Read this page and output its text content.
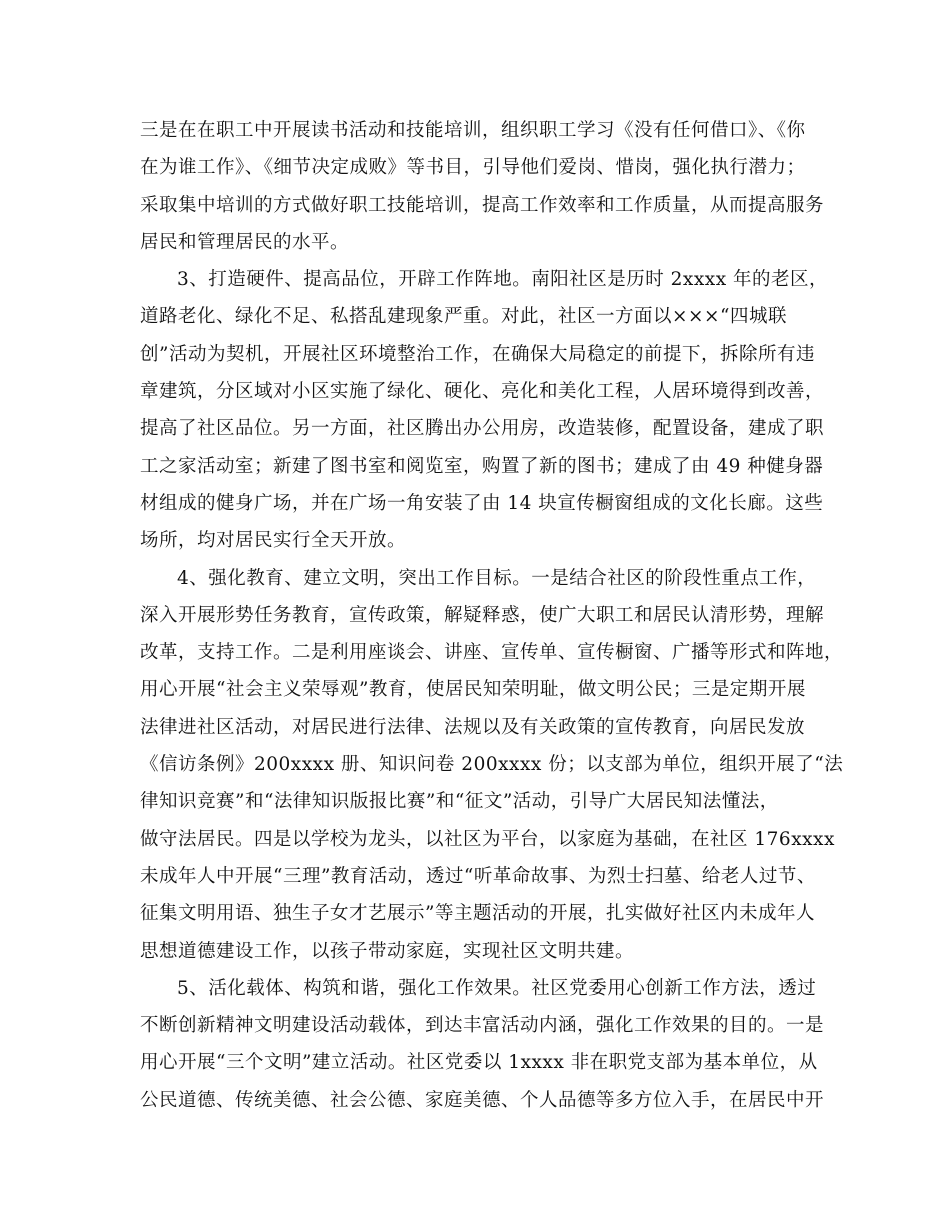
三是在在职工中开展读书活动和技能培训，组织职工学习《没有任何借口》、《你
在为谁工作》、《细节决定成败》等书目，引导他们爱岗、惜岗，强化执行潜力；
采取集中培训的方式做好职工技能培训，提高工作效率和工作质量，从而提高服务
居民和管理居民的水平。
3、打造硬件、提高品位，开辟工作阵地。南阳社区是历时 2xxxx 年的老区，
道路老化、绿化不足、私搭乱建现象严重。对此，社区一方面以×××“四城联
创”活动为契机，开展社区环境整治工作，在确保大局稳定的前提下，拆除所有违
章建筑，分区域对小区实施了绿化、硬化、亮化和美化工程，人居环境得到改善，
提高了社区品位。另一方面，社区腾出办公用房，改造装修，配置设备，建成了职
工之家活动室；新建了图书室和阅览室，购置了新的图书；建成了由 49 种健身器
材组成的健身广场，并在广场一角安装了由 14 块宣传橱窗组成的文化长廊。这些
场所，均对居民实行全天开放。
4、强化教育、建立文明，突出工作目标。一是结合社区的阶段性重点工作，
深入开展形势任务教育，宣传政策，解疑释惑，使广大职工和居民认清形势，理解
改革，支持工作。二是利用座谈会、讲座、宣传单、宣传橱窗、广播等形式和阵地，
用心开展“社会主义荣辱观”教育，使居民知荣明耻，做文明公民；三是定期开展
法律进社区活动，对居民进行法律、法规以及有关政策的宣传教育，向居民发放
《信访条例》200xxxx 册、知识问卷 200xxxx 份；以支部为单位，组织开展了“法
律知识竞赛”和“法律知识版报比赛”和“征文”活动，引导广大居民知法懂法，
做守法居民。四是以学校为龙头，以社区为平台，以家庭为基础，在社区 176xxxx
未成年人中开展“三理”教育活动，透过“听革命故事、为烈士扫墓、给老人过节、
征集文明用语、独生子女才艺展示”等主题活动的开展，扎实做好社区内未成年人
思想道德建设工作，以孩子带动家庭，实现社区文明共建。
5、活化载体、构筑和谐，强化工作效果。社区党委用心创新工作方法，透过
不断创新精神文明建设活动载体，到达丰富活动内涵，强化工作效果的目的。一是
用心开展“三个文明”建立活动。社区党委以 1xxxx 非在职党支部为基本单位，从
公民道德、传统美德、社会公德、家庭美德、个人品德等多方位入手，在居民中开
